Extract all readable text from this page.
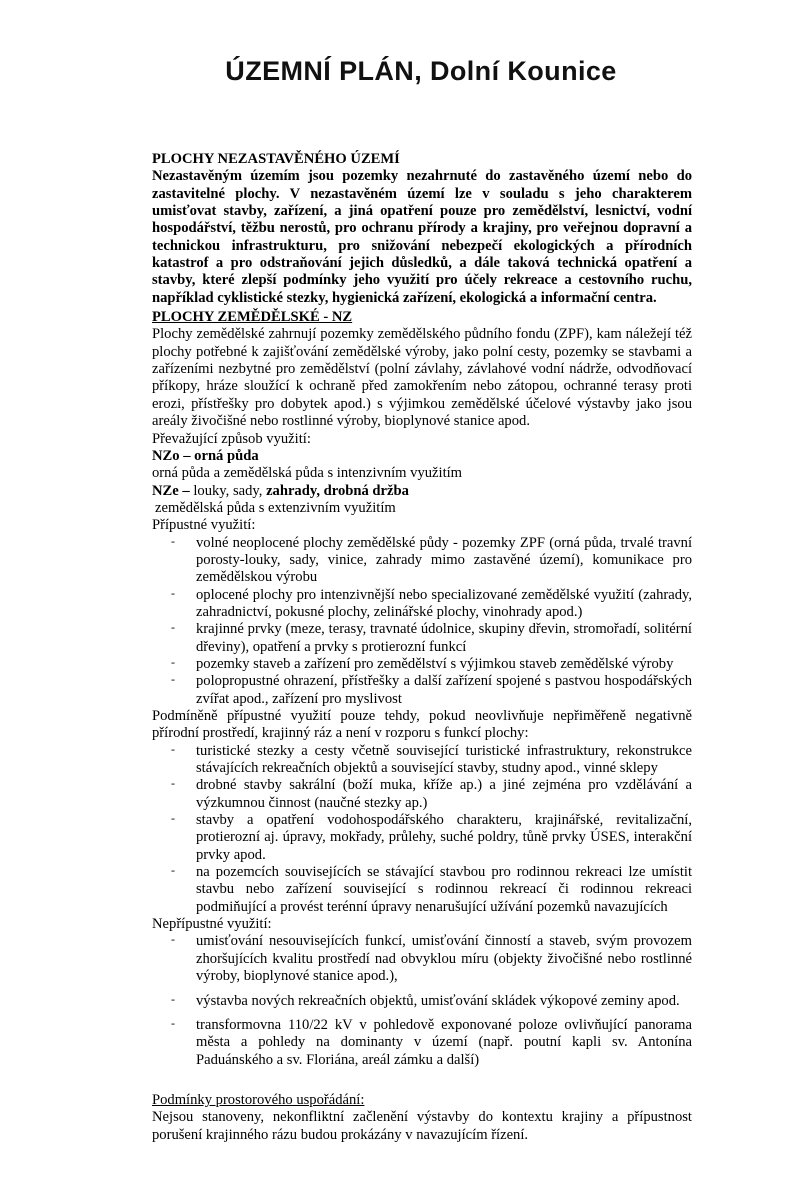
ÚZEMNÍ PLÁN, Dolní Kounice
PLOCHY NEZASTAVĚNÉHO ÚZEMÍ
Nezastavěným územím jsou pozemky nezahrnuté do zastavěného území nebo do zastavitelné plochy. V nezastavěném území lze v souladu s jeho charakterem umisťovat stavby, zařízení, a jiná opatření pouze pro zemědělství, lesnictví, vodní hospodářství, těžbu nerostů, pro ochranu přírody a krajiny, pro veřejnou dopravní a technickou infrastrukturu, pro snižování nebezpečí ekologických a přírodních katastrof a pro odstraňování jejich důsledků, a dále taková technická opatření a stavby, které zlepší podmínky jeho využití pro účely rekreace a cestovního ruchu, například cyklistické stezky, hygienická zařízení, ekologická a informační centra.
PLOCHY ZEMĚDĚLSKÉ - NZ
Plochy zemědělské zahrnují pozemky zemědělského půdního fondu (ZPF), kam náležejí též plochy potřebné k zajišťování zemědělské výroby, jako polní cesty, pozemky se stavbami a zařízeními nezbytné pro zemědělství (polní závlahy, závlahové vodní nádrže, odvodňovací příkopy, hráze sloužící k ochraně před zamokřením nebo zátopou, ochranné terasy proti erozi, přístřešky pro dobytek apod.) s výjimkou zemědělské účelové výstavby jako jsou areály živočišné nebo rostlinné výroby, bioplynové stanice apod.
Převažující způsob využití:
NZo – orná půda
orná půda a zemědělská půda s intenzivním využitím
NZe – louky, sady, zahrady, drobná držba
zemědělská půda s extenzivním využitím
Přípustné využití:
- volné neoplocené plochy zemědělské půdy - pozemky ZPF (orná půda, trvalé travní porosty-louky, sady, vinice, zahrady mimo zastavěné území), komunikace pro zemědělskou výrobu
- oplocené plochy pro intenzivnější nebo specializované zemědělské využití (zahrady, zahradnictví, pokusné plochy, zelinářské plochy, vinohrady apod.)
- krajinné prvky (meze, terasy, travnaté údolnice, skupiny dřevin, stromořadí, solitérní dřeviny), opatření a prvky s protierozní funkcí
- pozemky staveb a zařízení pro zemědělství s výjimkou staveb zemědělské výroby
- polopropustné ohrazení, přístřešky a další zařízení spojené s pastvou hospodářských zvířat apod., zařízení pro myslivost
Podmíněně přípustné využití pouze tehdy, pokud neovlivňuje nepřiměřeně negativně přírodní prostředí, krajinný ráz a není v rozporu s funkcí plochy:
- turistické stezky a cesty včetně související turistické infrastruktury, rekonstrukce stávajících rekreačních objektů a související stavby, studny apod., vinné sklepy
- drobné stavby sakrální (boží muka, kříže ap.) a jiné zejména pro vzdělávání a výzkumnou činnost (naučné stezky ap.)
- stavby a opatření vodohospodářského charakteru, krajinářské, revitalizační, protierozní aj. úpravy, mokřady, průlehy, suché poldry, tůně prvky ÚSES, interakční prvky apod.
- na pozemcích souvisejících se stávající stavbou pro rodinnou rekreaci lze umístit stavbu nebo zařízení související s rodinnou rekreací či rodinnou rekreaci podmiňující a provést terénní úpravy nenarušující užívání pozemků navazujících
Nepřípustné využití:
- umisťování nesouvisejících funkcí, umisťování činností a staveb, svým provozem zhoršujících kvalitu prostředí nad obvyklou míru (objekty živočišné nebo rostlinné výroby, bioplynové stanice apod.),
- výstavba nových rekreačních objektů, umisťování skládek výkopové zeminy apod.
- transformovna 110/22 kV v pohledově exponované poloze ovlivňující panorama města a pohledy na dominanty v území (např. poutní kapli sv. Antonína Paduánského a sv. Floriána, areál zámku a další)
Podmínky prostorového uspořádání:
Nejsou stanoveny, nekonfliktní začlenění výstavby do kontextu krajiny a přípustnost porušení krajinného rázu budou prokázány v navazujícím řízení.
